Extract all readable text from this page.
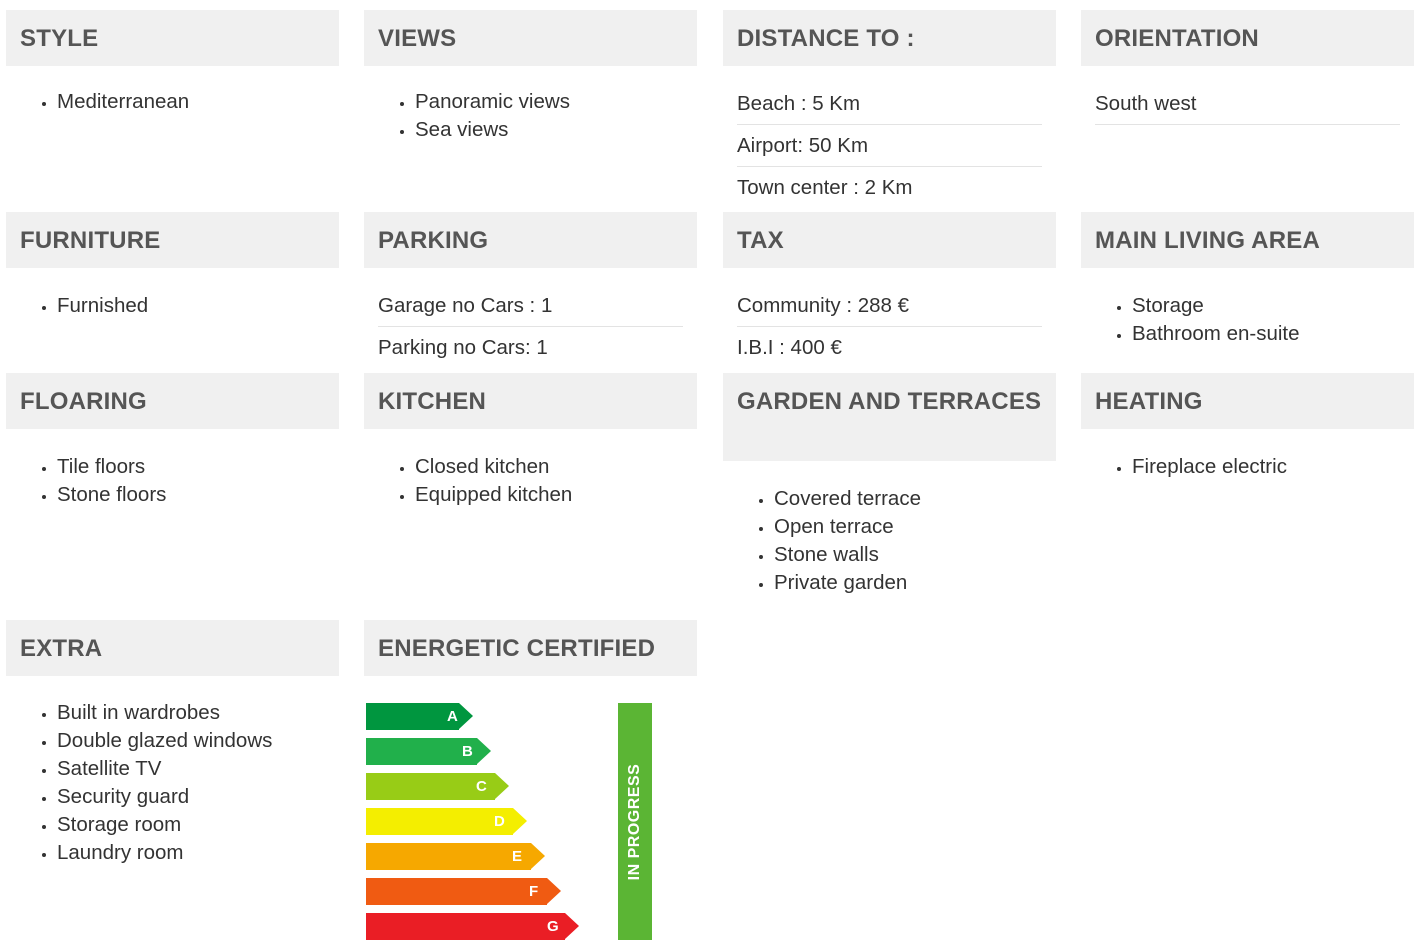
STYLE
• Mediterranean
VIEWS
• Panoramic views
• Sea views
DISTANCE TO :
Beach : 5 Km
Airport: 50 Km
Town center : 2 Km
ORIENTATION
South west
FURNITURE
• Furnished
PARKING
Garage no Cars : 1
Parking no Cars: 1
TAX
Community : 288 €
I.B.I : 400 €
MAIN LIVING AREA
• Storage
• Bathroom en-suite
FLOARING
• Tile floors
• Stone floors
KITCHEN
• Closed kitchen
• Equipped kitchen
GARDEN AND TERRACES
• Covered terrace
• Open terrace
• Stone walls
• Private garden
HEATING
• Fireplace electric
EXTRA
• Built in wardrobes
• Double glazed windows
• Satellite TV
• Security guard
• Storage room
• Laundry room
ENERGETIC CERTIFIED
A
B
C
D
E
F
G
IN PROGRESS
